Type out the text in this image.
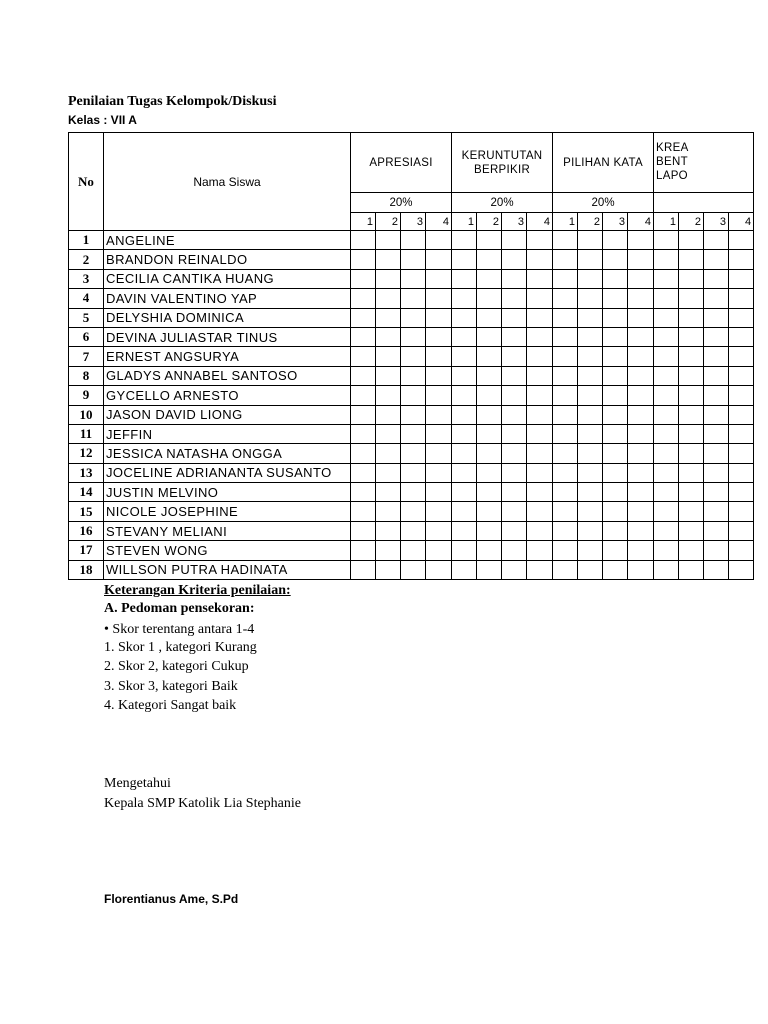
Penilaian Tugas Kelompok/Diskusi
Kelas : VII A
No	Nama Siswa	APRESIASI				KERUNTUTAN BERPIKIR				PILIHAN KATA				KREA
BENT
LAPO			
		20%				20%				20%							
		1	2	3	4	1	2	3	4	1	2	3	4	1	2	3	4
1	ANGELINE																
2	BRANDON REINALDO																
3	CECILIA CANTIKA HUANG																
4	DAVIN VALENTINO YAP																
5	DELYSHIA DOMINICA																
6	DEVINA JULIASTAR TINUS																
7	ERNEST ANGSURYA																
8	GLADYS ANNABEL SANTOSO																
9	GYCELLO ARNESTO																
10	JASON DAVID LIONG																
11	JEFFIN																
12	JESSICA NATASHA ONGGA																
13	JOCELINE ADRIANANTA SUSANTO																
14	JUSTIN MELVINO																
15	NICOLE JOSEPHINE																
16	STEVANY MELIANI																
17	STEVEN WONG																
18	WILLSON PUTRA HADINATA																
Keterangan Kriteria penilaian:
A. Pedoman pensekoran:
• Skor terentang antara 1-4
1. Skor 1 , kategori Kurang
2. Skor 2, kategori Cukup
3. Skor 3, kategori Baik
4. Kategori Sangat baik
Mengetahui
Kepala SMP Katolik Lia Stephanie
Florentianus Ame, S.Pd
